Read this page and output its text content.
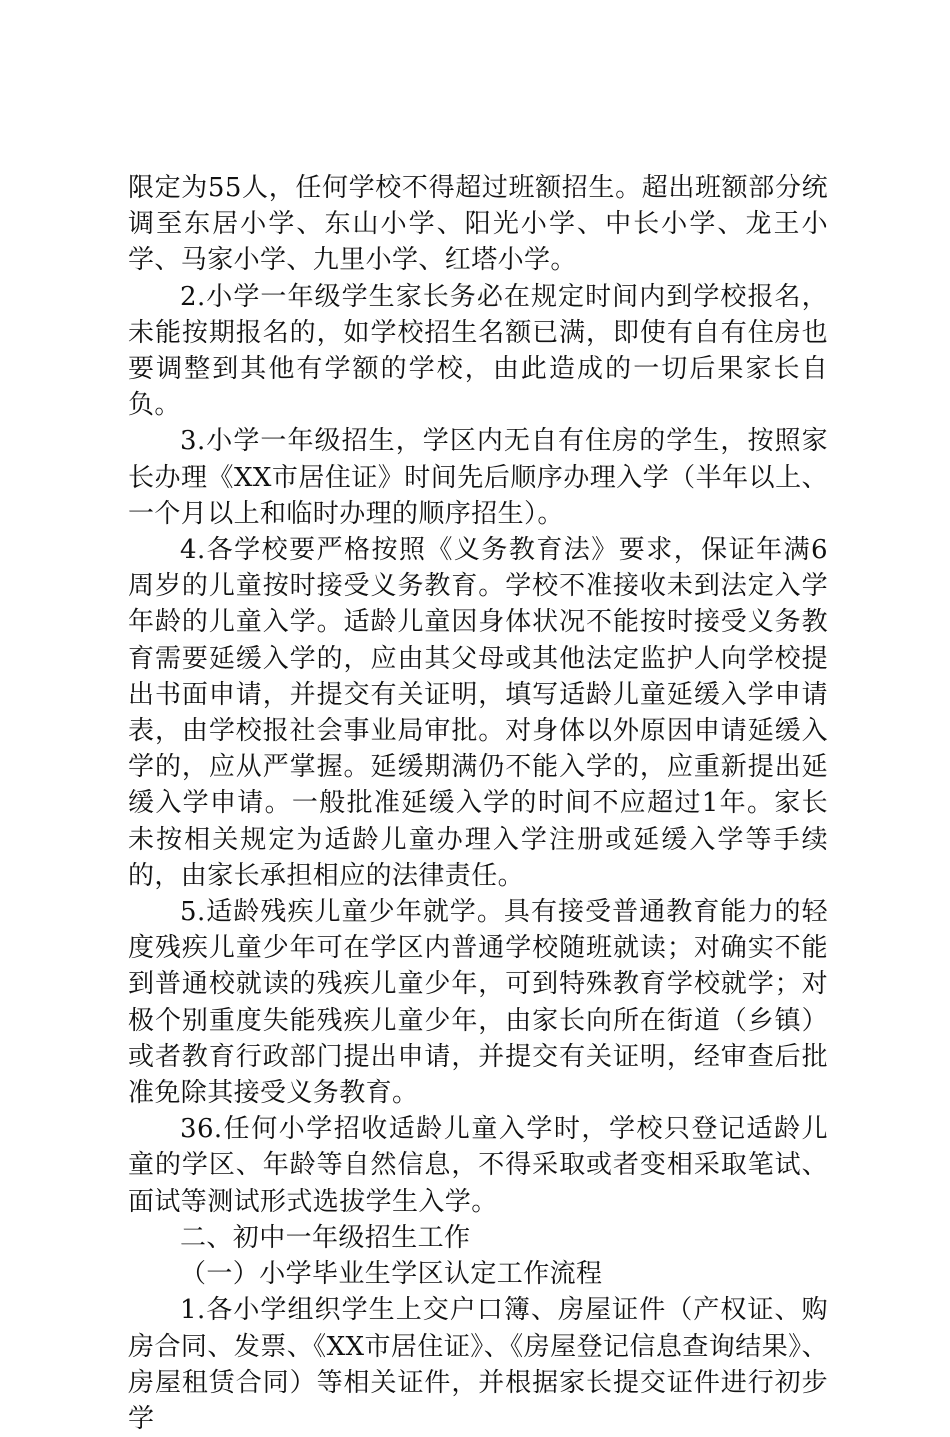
限定为55人，任何学校不得超过班额招生。超出班额部分统调至东居小学、东山小学、阳光小学、中长小学、龙王小学、马家小学、九里小学、红塔小学。

2.小学一年级学生家长务必在规定时间内到学校报名，未能按期报名的，如学校招生名额已满，即使有自有住房也要调整到其他有学额的学校，由此造成的一切后果家长自负。

3.小学一年级招生，学区内无自有住房的学生，按照家长办理《XX市居住证》时间先后顺序办理入学（半年以上、一个月以上和临时办理的顺序招生）。

4.各学校要严格按照《义务教育法》要求，保证年满6周岁的儿童按时接受义务教育。学校不准接收未到法定入学年龄的儿童入学。适龄儿童因身体状况不能按时接受义务教育需要延缓入学的，应由其父母或其他法定监护人向学校提出书面申请，并提交有关证明，填写适龄儿童延缓入学申请表，由学校报社会事业局审批。对身体以外原因申请延缓入学的，应从严掌握。延缓期满仍不能入学的，应重新提出延缓入学申请。一般批准延缓入学的时间不应超过1年。家长未按相关规定为适龄儿童办理入学注册或延缓入学等手续的，由家长承担相应的法律责任。

5.适龄残疾儿童少年就学。具有接受普通教育能力的轻度残疾儿童少年可在学区内普通学校随班就读；对确实不能到普通校就读的残疾儿童少年，可到特殊教育学校就学；对极个别重度失能残疾儿童少年，由家长向所在街道（乡镇）或者教育行政部门提出申请，并提交有关证明，经审查后批准免除其接受义务教育。

36.任何小学招收适龄儿童入学时，学校只登记适龄儿童的学区、年龄等自然信息，不得采取或者变相采取笔试、面试等测试形式选拔学生入学。

二、初中一年级招生工作

（一）小学毕业生学区认定工作流程

1.各小学组织学生上交户口簿、房屋证件（产权证、购房合同、发票、《XX市居住证》、《房屋登记信息查询结果》、房屋租赁合同）等相关证件，并根据家长提交证件进行初步学
